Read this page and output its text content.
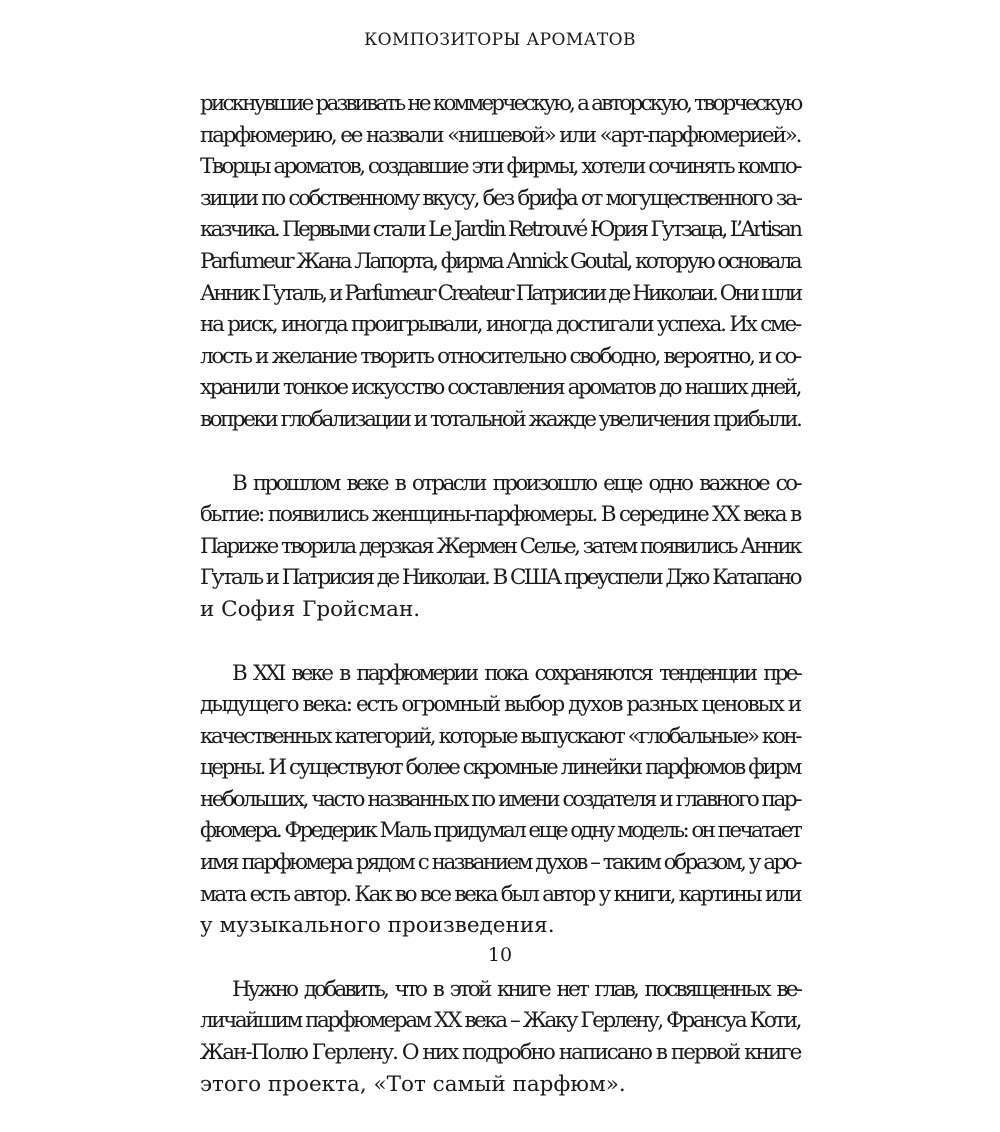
КОМПОЗИТОРЫ АРОМАТОВ

рискнувшие развивать не коммерческую, а авторскую, творческую
парфюмерию, ее назвали «нишевой» или «арт-парфюмерией».
Творцы ароматов, создавшие эти фирмы, хотели сочинять компо-
зиции по собственному вкусу, без брифа от могущественного за-
казчика. Первыми стали Le Jardin Retrouvé Юрия Гутзаца, L’Artisan
Parfumeur Жана Лапорта, фирма Annick Goutal, которую основала
Анник Гуталь, и Parfumeur Createur Патрисии де Николаи. Они шли
на риск, иногда проигрывали, иногда достигали успеха. Их сме-
лость и желание творить относительно свободно, вероятно, и со-
хранили тонкое искусство составления ароматов до наших дней,
вопреки глобализации и тотальной жажде увеличения прибыли.

В прошлом веке в отрасли произошло еще одно важное со-
бытие: появились женщины-парфюмеры. В середине XX века в
Париже творила дерзкая Жермен Селье, затем появились Анник
Гуталь и Патрисия де Николаи. В США преуспели Джо Катапано
и София Гройсман.

В XXI веке в парфюмерии пока сохраняются тенденции пре-
дыдущего века: есть огромный выбор духов разных ценовых и
качественных категорий, которые выпускают «глобальные» кон-
церны. И существуют более скромные линейки парфюмов фирм
небольших, часто названных по имени создателя и главного пар-
фюмера. Фредерик Маль придумал еще одну модель: он печатает
имя парфюмера рядом с названием духов – таким образом, у аро-
мата есть автор. Как во все века был автор у книги, картины или
у музыкального произведения.

Нужно добавить, что в этой книге нет глав, посвященных ве-
личайшим парфюмерам XX века – Жаку Герлену, Франсуа Коти,
Жан-Полю Герлену. О них подробно написано в первой книге
этого проекта, «Тот самый парфюм».

10
